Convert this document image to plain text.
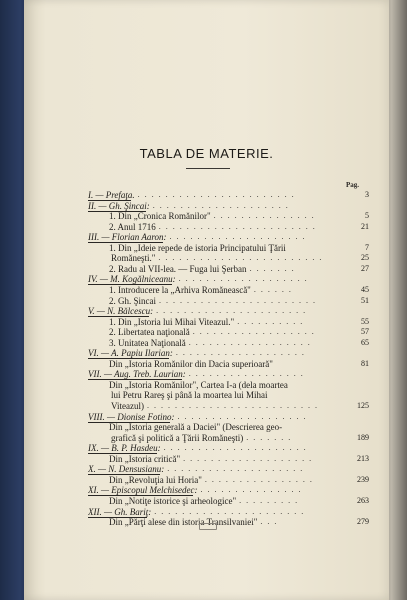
TABLA DE MATERIE.
Pag.
I. — Prefaţa. . . . . . . . . . . . . . . . . . . . . . . .	3
II. — Gh. Şincai: . . . . . . . . . . . . . . . . . . . .
1. Din „Cronica Romănilor" . . . . . . . . . . . . . . .	5
2. Anul 1716 . . . . . . . . . . . . . . . . . . . . . . .	21
III. — Florian Aaron: . . . . . . . . . . . . . . . . . . . .
1. Din „Ideie repede de istoria Principatului Ţării	7
Romăneşti." . . . . . . . . . . . . . . . . . . . . . . . .	25
2. Radu al VII-lea. — Fuga lui Şerban . . . . . . .	27
IV. — M. Kogălniceanu: . . . . . . . . . . . . . . . . . . .
1. Introducere la „Arhiva Romănească" . . . . . .	45
2. Gh. Şincai . . . . . . . . . . . . . . . . . . . . . . .	51
V. — N. Bălcescu: . . . . . . . . . . . . . . . . . . . . . .
1. Din „Istoria lui Mihai Viteazul." . . . . . . . . . .	55
2. Libertatea naţională . . . . . . . . . . . . . . . . . .	57
3. Unitatea Naţională . . . . . . . . . . . . . . . . . .	65
VI. — A. Papiu Ilarian: . . . . . . . . . . . . . . . . . . .
Din „Istoria Romănilor din Dacia superioară"	81
VII. — Aug. Treb. Laurian: . . . . . . . . . . . . . . . . .
Din „Istoria Romănilor", Cartea I-a (dela moartea
lui Petru Rareş şi până la moartea lui Mihai
Viteazul) . . . . . . . . . . . . . . . . . . . . . . . . .	125
VIII. — Dionise Fotino: . . . . . . . . . . . . . . . . . . .
Din „Istoria generală a Daciei" (Descrierea geo-
grafică şi politică a Ţării Romăneşti) . . . . . . .	189
IX. — B. P. Hasdeu: . . . . . . . . . . . . . . . . . . . . .
Din „Istoria critică" . . . . . . . . . . . . . . . . . . .	213
X. — N. Densusianu: . . . . . . . . . . . . . . . . . . . .
Din „Revoluţia lui Horia" . . . . . . . . . . . . . . . .	239
XI. — Episcopul Melchisedec: . . . . . . . . . . . . . . .
Din „Notiţe istorice şi arheologice" . . . . . . . . .	263
XII. — Gh. Bariţ: . . . . . . . . . . . . . . . . . . . . . .
Din „Părţi alese din istoria Transilvaniei" . . .	279
